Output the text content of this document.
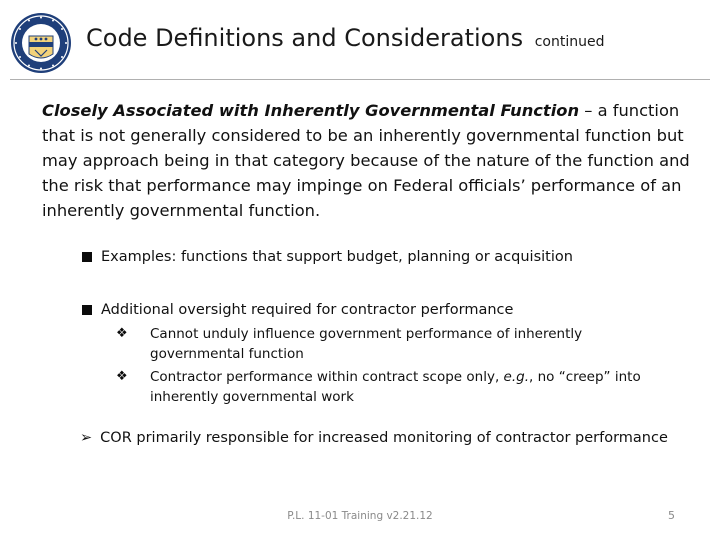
Code Definitions and Considerations continued

Closely Associated with Inherently Governmental Function – a function that is not generally considered to be an inherently governmental function but may approach being in that category because of the nature of the function and the risk that performance may impinge on Federal officials’ performance of an inherently governmental function.

Examples: functions that support budget, planning or acquisition
Additional oversight required for contractor performance
❖	Cannot unduly influence government performance of inherently governmental function
❖	Contractor performance within contract scope only, e.g., no “creep” into inherently governmental work
➢ COR primarily responsible for increased monitoring of contractor performance
P.L. 11-01 Training v2.21.12	5
